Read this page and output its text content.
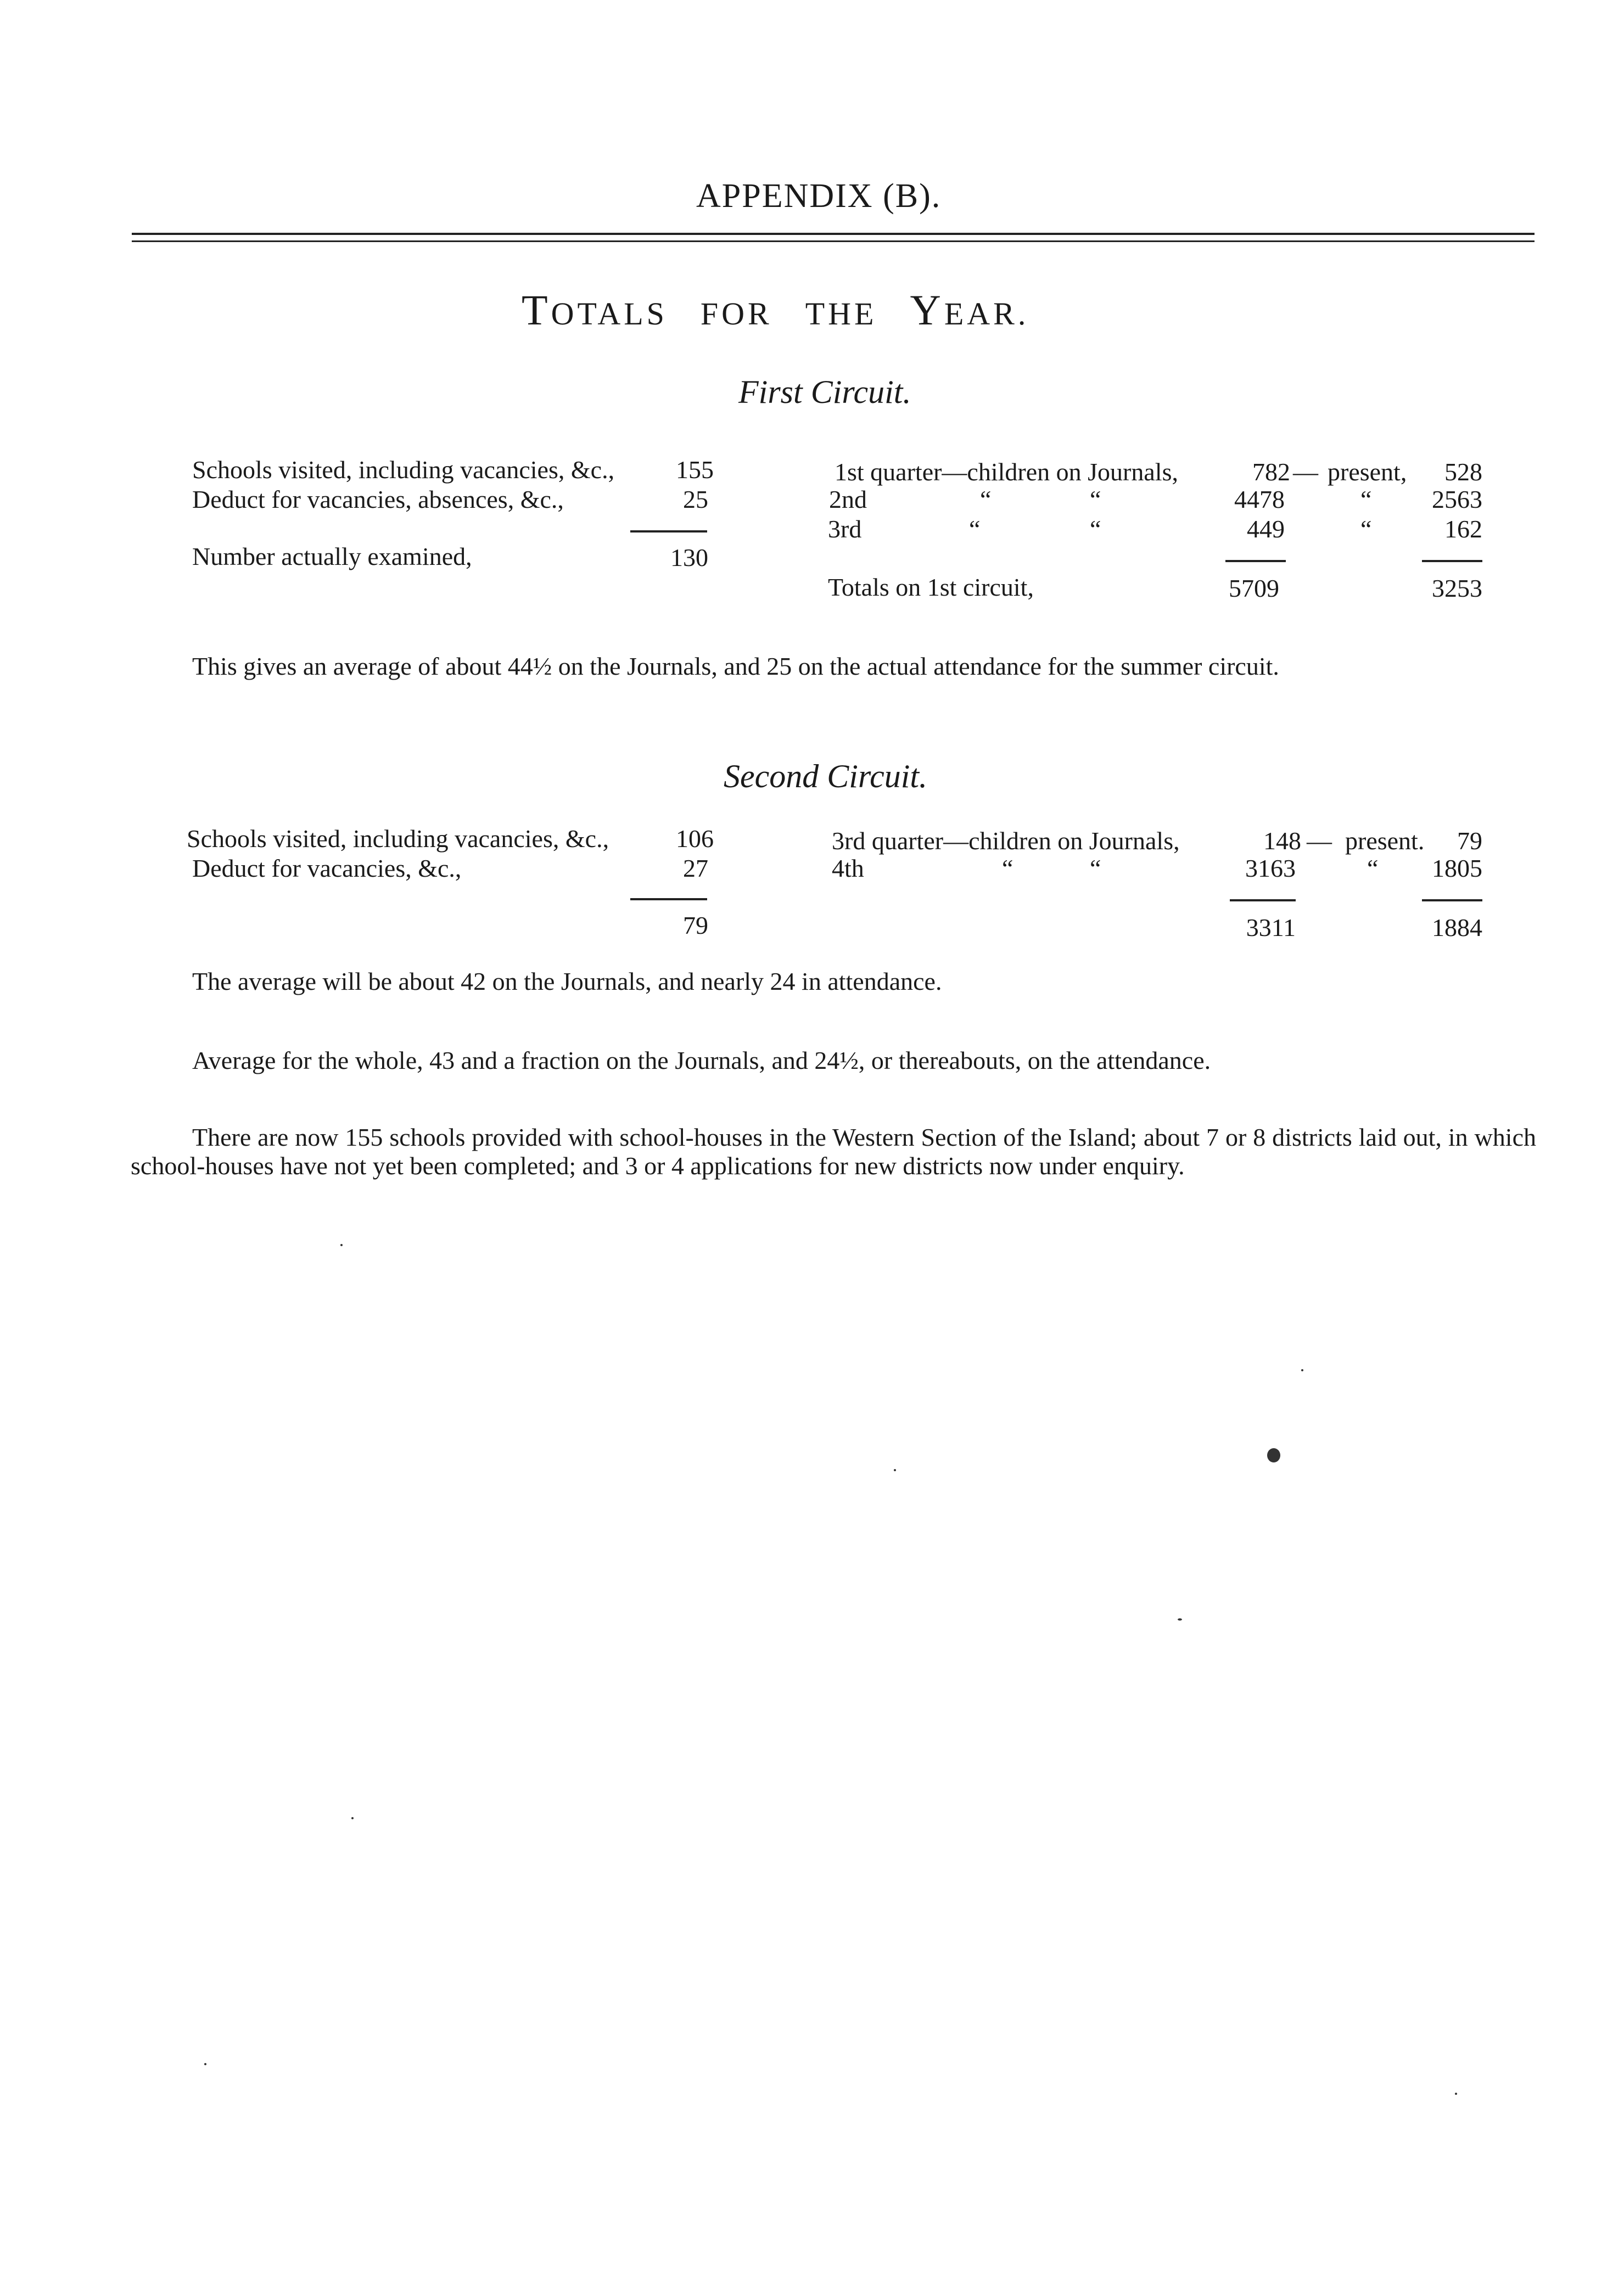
APPENDIX (B).
TOTALS FOR THE YEAR.
First Circuit.
Schools visited, including vacancies, &c.,	155
Deduct for vacancies, absences, &c.,	25
Number actually examined,	130
1st quarter—children on Journals,	782 — present,	528
2nd	“	“	4478	“	2563
3rd	“	“	449	“	162
Totals on 1st circuit,	5709	3253
This gives an average of about 44½ on the Journals, and 25 on the actual attendance for the summer circuit.
Second Circuit.
Schools visited, including vacancies, &c.,	106
Deduct for vacancies, &c.,	27
79
3rd quarter—children on Journals,	148 — present.	79
4th	“	“	3163	“	1805
3311	1884
The average will be about 42 on the Journals, and nearly 24 in attendance.
Average for the whole, 43 and a fraction on the Journals, and 24½, or thereabouts, on the attendance.
There are now 155 schools provided with school-houses in the Western Section of the Island; about 7 or 8 districts laid out, in which school-houses have not yet been completed; and 3 or 4 applications for new districts now under enquiry.
